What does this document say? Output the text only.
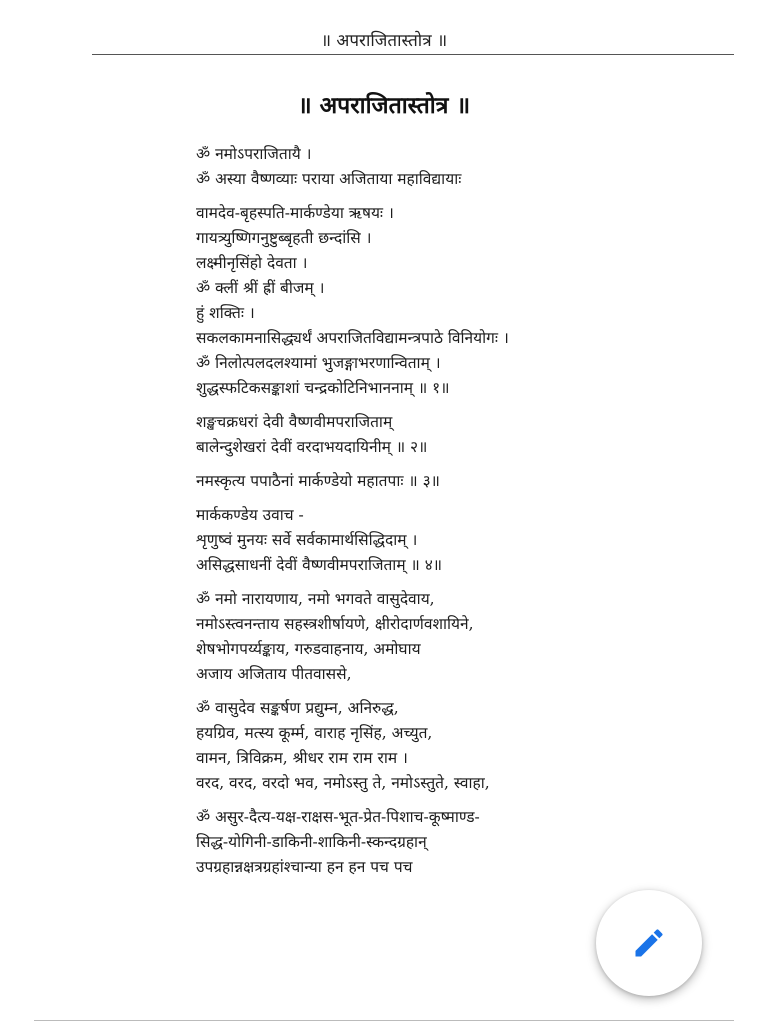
॥ अपराजितास्तोत्र ॥
॥ अपराजितास्तोत्र ॥
ॐ नमोऽपराजितायै ।
ॐ अस्या वैष्णव्याः पराया अजिताया महाविद्यायाः
वामदेव-बृहस्पति-मार्कण्डेया ऋषयः ।
गायत्र्युष्णिगनुष्टुब्बृहती छन्दांसि ।
लक्ष्मीनृसिंहो देवता ।
ॐ क्लीं श्रीं ह्रीं बीजम् ।
हुं शक्तिः ।
सकलकामनासिद्ध्यर्थं अपराजितविद्यामन्त्रपाठे विनियोगः ।
ॐ निलोत्पलदलश्यामां भुजङ्गाभरणान्विताम् ।
शुद्धस्फटिकसङ्काशां चन्द्रकोटिनिभाननाम् ॥ १॥
शङ्खचक्रधरां देवी वैष्णवीमपराजिताम्
बालेन्दुशेखरां देवीं वरदाभयदायिनीम् ॥ २॥
नमस्कृत्य पपाठैनां मार्कण्डेयो महातपाः ॥ ३॥
मार्ककण्डेय उवाच -
शृणुष्वं मुनयः सर्वे सर्वकामार्थसिद्धिदाम् ।
असिद्धसाधनीं देवीं वैष्णवीमपराजिताम् ॥ ४॥
ॐ नमो नारायणाय, नमो भगवते वासुदेवाय,
नमोऽस्त्वनन्ताय सहस्त्रशीर्षायणे, क्षीरोदार्णवशायिने,
शेषभोगपर्य्यङ्काय, गरुडवाहनाय, अमोघाय
अजाय अजिताय पीतवाससे,
ॐ वासुदेव सङ्कर्षण प्रद्युम्न, अनिरुद्ध,
हयग्रिव, मत्स्य कूर्म्म, वाराह नृसिंह, अच्युत,
वामन, त्रिविक्रम, श्रीधर राम राम राम ।
वरद, वरद, वरदो भव, नमोऽस्तु ते, नमोऽस्तुते, स्वाहा,
ॐ असुर-दैत्य-यक्ष-राक्षस-भूत-प्रेत-पिशाच-कूष्माण्ड-
सिद्ध-योगिनी-डाकिनी-शाकिनी-स्कन्दग्रहान्
उपग्रहान्नक्षत्रग्रहांश्चान्या हन हन पच पच
